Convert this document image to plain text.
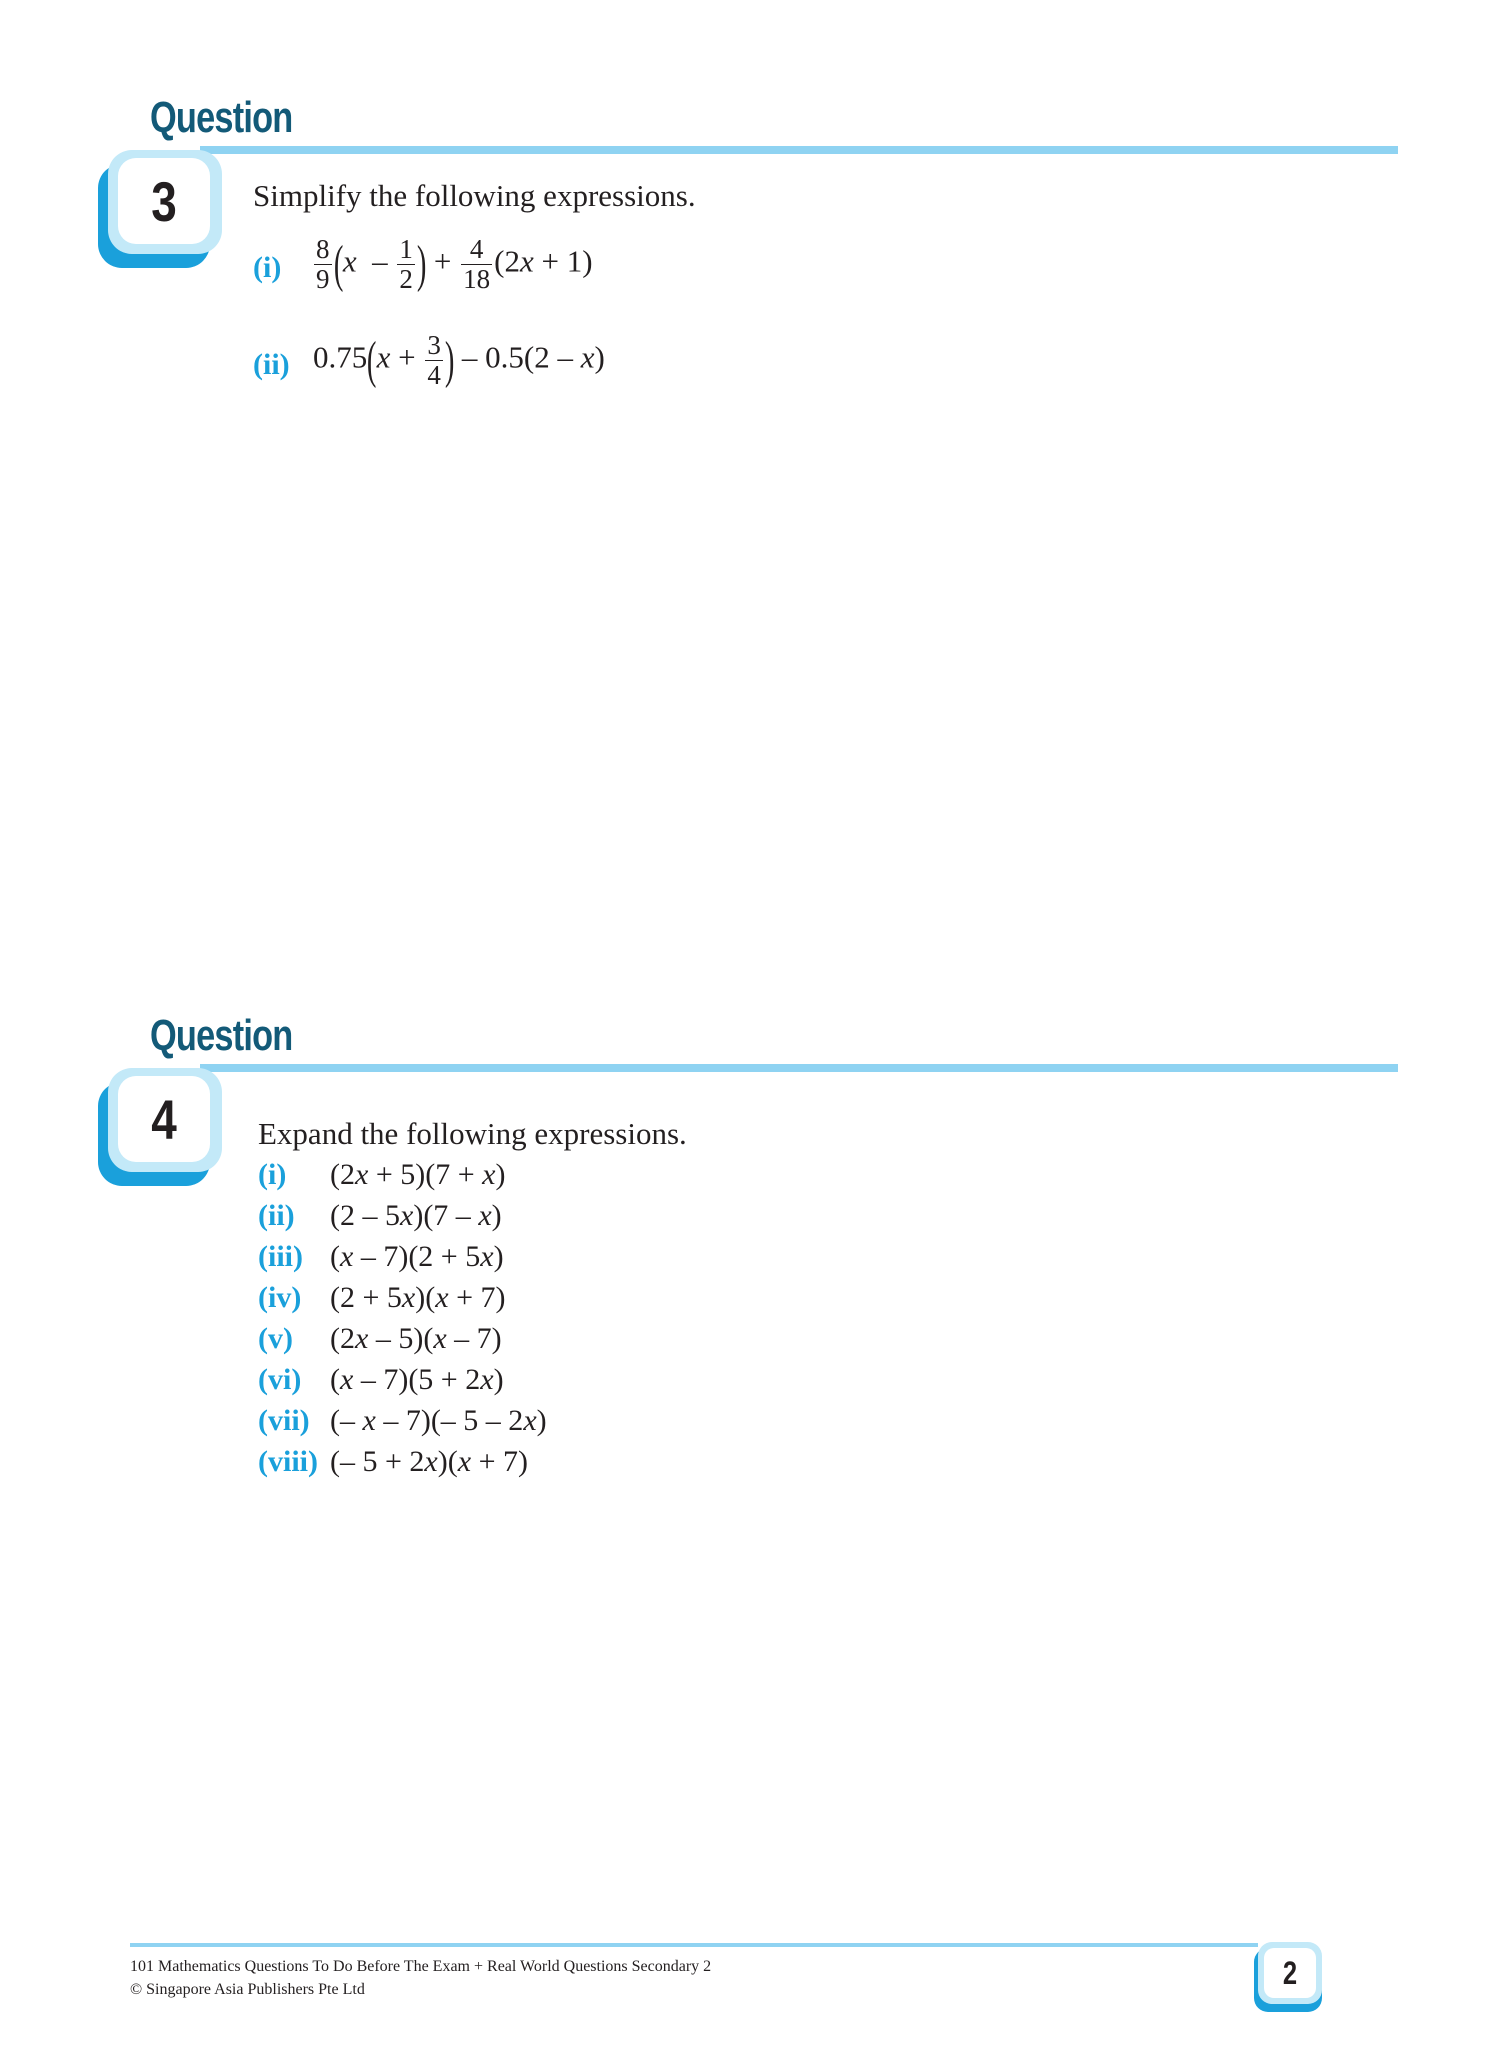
Question
3	Simplify the following expressions.
$(i) \frac{8}{9} (x - \frac{1}{2}$ ) + $\frac{4}{18} (2x + 1)$
(ii) $0.75(x + \frac{3}{4}$ ) – 0.5(2 – x)
Question
4	Expand the following expressions.
(i) (2x + 5)(7 + x)
(ii) (2 – 5x)(7 – x)
(iii) (x – 7)(2 + 5x)
(iv) (2 + 5x)(x + 7)
(v) (2x – 5)(x – 7)
(vi) (x – 7)(5 + 2x)
(vii) (– x – 7)(– 5 – 2x)
(viii) (– 5 + 2x)(x + 7)
101 Mathematics Questions To Do Before The Exam + Real World Questions Secondary 2
© Singapore Asia Publishers Pte Ltd	2
